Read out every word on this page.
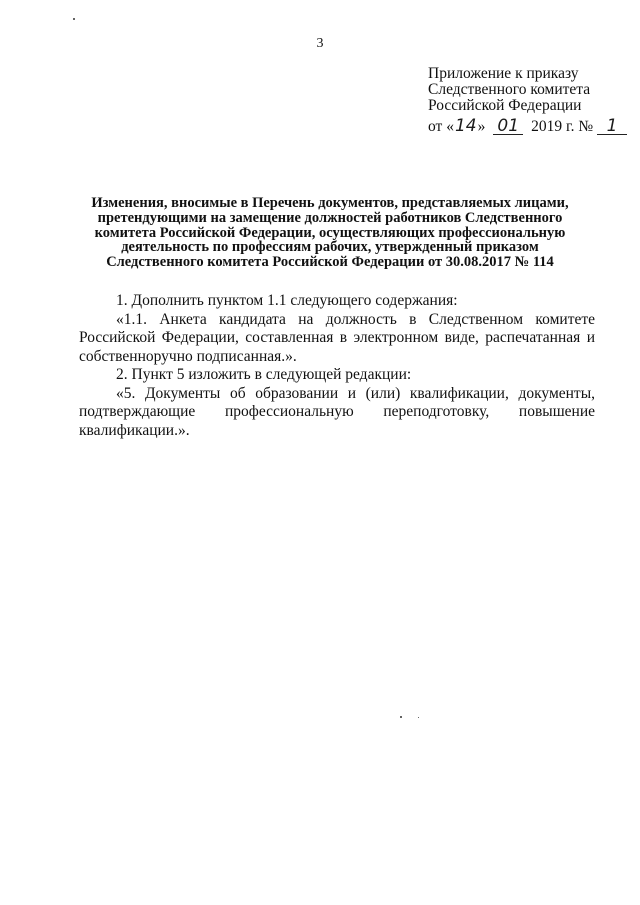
3
Приложение к приказу
Следственного комитета
Российской Федерации
от «14» 01 2019 г. № 1
Изменения, вносимые в Перечень документов, представляемых лицами,
претендующими на замещение должностей работников Следственного
комитета Российской Федерации, осуществляющих профессиональную
деятельность по профессиям рабочих, утвержденный приказом
Следственного комитета Российской Федерации от 30.08.2017 № 114

1. Дополнить пунктом 1.1 следующего содержания:

«1.1. Анкета кандидата на должность в Следственном комитете
Российской Федерации, составленная в электронном виде, распечатанная и
собственноручно подписанная.».

2. Пункт 5 изложить в следующей редакции:

«5. Документы об образовании и (или) квалификации, документы,
подтверждающие профессиональную переподготовку, повышение
квалификации.».
